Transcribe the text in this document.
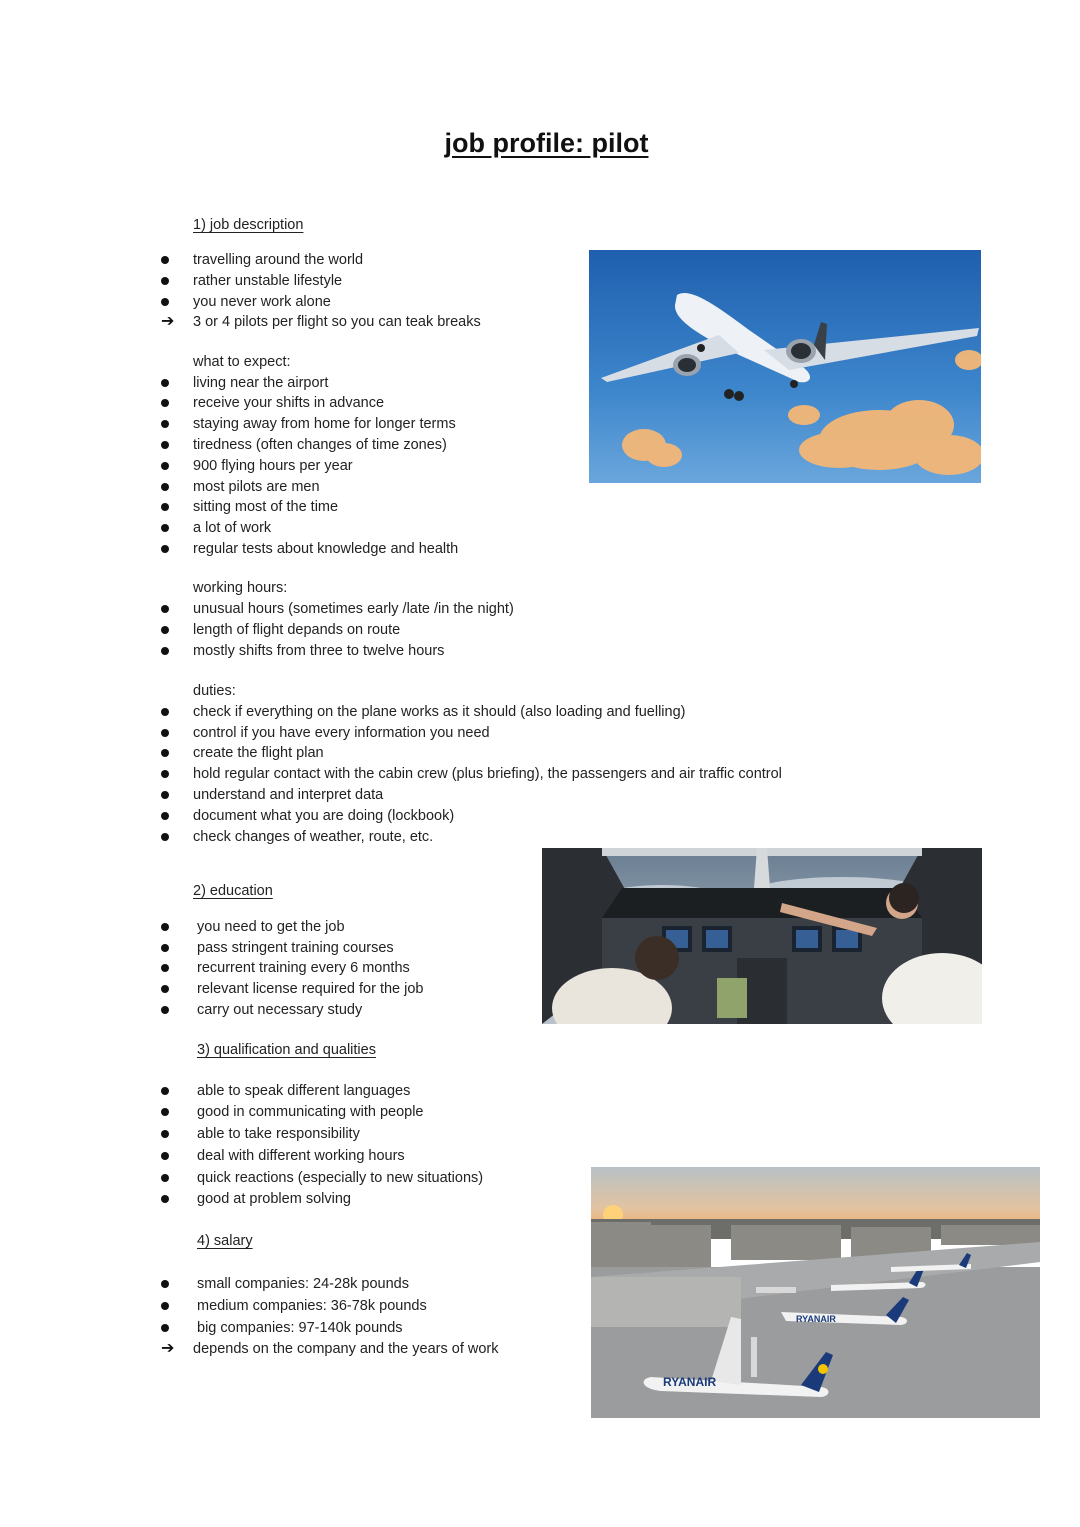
job profile: pilot
1) job description
travelling around the world
rather unstable lifestyle
you never work alone
➔ 3 or 4 pilots per flight so you can teak breaks
what to expect:
living near the airport
receive your shifts in advance
staying away from home for longer terms
tiredness (often changes of time zones)
900 flying hours per year
most pilots are men
sitting most of the time
a lot of work
regular tests about knowledge and health
working hours:
unusual hours (sometimes early /late /in the night)
length of flight depands on route
mostly shifts from three to twelve hours
duties:
check if everything on the plane works as it should (also loading and fuelling)
control if you have every information you need
create the flight plan
hold regular contact with the cabin crew (plus briefing), the passengers and air traffic control
understand and interpret data
document what you are doing (lockbook)
check changes of weather, route, etc.
2) education
you need to get the job
pass stringent training courses
recurrent training every 6 months
relevant license required for the job
carry out necessary study
3) qualification and qualities
able to speak different languages
good in communicating with people
able to take responsibility
deal with different working hours
quick reactions (especially to new situations)
good at problem solving
4) salary
small companies: 24-28k pounds
medium companies: 36-78k pounds
big companies: 97-140k pounds
➔ depends on the company and the years of work
RYANAIR
RYANAIR
